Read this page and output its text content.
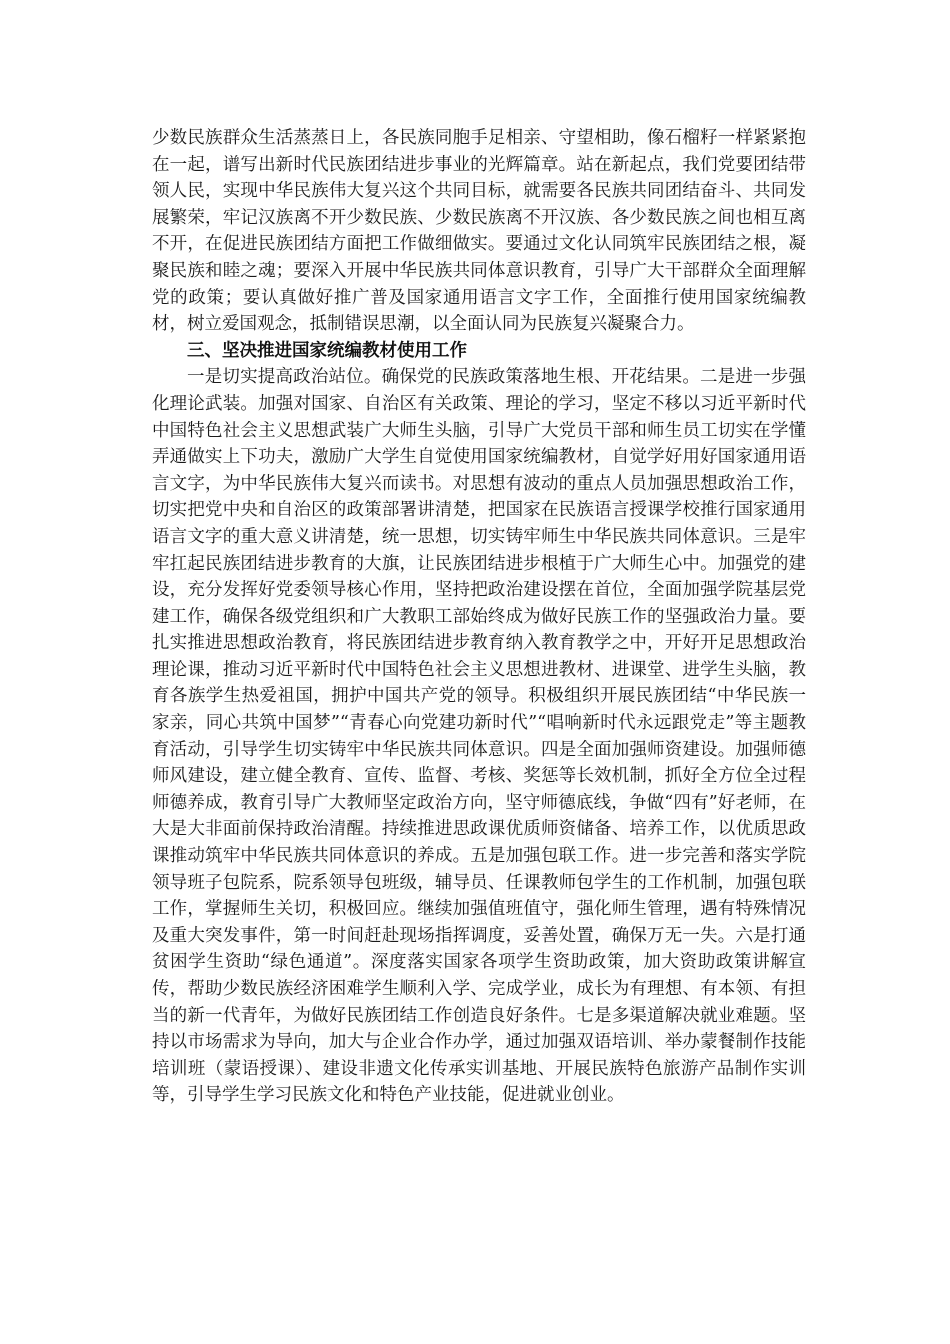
少数民族群众生活蒸蒸日上，各民族同胞手足相亲、守望相助，像石榴籽一样紧紧抱在一起，谱写出新时代民族团结进步事业的光辉篇章。站在新起点，我们党要团结带领人民，实现中华民族伟大复兴这个共同目标，就需要各民族共同团结奋斗、共同发展繁荣，牢记汉族离不开少数民族、少数民族离不开汉族、各少数民族之间也相互离不开，在促进民族团结方面把工作做细做实。要通过文化认同筑牢民族团结之根，凝聚民族和睦之魂；要深入开展中华民族共同体意识教育，引导广大干部群众全面理解党的政策；要认真做好推广普及国家通用语言文字工作，全面推行使用国家统编教材，树立爱国观念，抵制错误思潮，以全面认同为民族复兴凝聚合力。

三、坚决推进国家统编教材使用工作

一是切实提高政治站位。确保党的民族政策落地生根、开花结果。二是进一步强化理论武装。加强对国家、自治区有关政策、理论的学习，坚定不移以习近平新时代中国特色社会主义思想武装广大师生头脑，引导广大党员干部和师生员工切实在学懂弄通做实上下功夫，激励广大学生自觉使用国家统编教材，自觉学好用好国家通用语言文字，为中华民族伟大复兴而读书。对思想有波动的重点人员加强思想政治工作，切实把党中央和自治区的政策部署讲清楚，把国家在民族语言授课学校推行国家通用语言文字的重大意义讲清楚，统一思想，切实铸牢师生中华民族共同体意识。三是牢牢扛起民族团结进步教育的大旗，让民族团结进步根植于广大师生心中。加强党的建设，充分发挥好党委领导核心作用，坚持把政治建设摆在首位，全面加强学院基层党建工作，确保各级党组织和广大教职工部始终成为做好民族工作的坚强政治力量。要扎实推进思想政治教育，将民族团结进步教育纳入教育教学之中，开好开足思想政治理论课，推动习近平新时代中国特色社会主义思想进教材、进课堂、进学生头脑，教育各族学生热爱祖国，拥护中国共产党的领导。积极组织开展民族团结“中华民族一家亲，同心共筑中国梦”“青春心向党建功新时代”“唱响新时代永远跟党走”等主题教育活动，引导学生切实铸牢中华民族共同体意识。四是全面加强师资建设。加强师德师风建设，建立健全教育、宣传、监督、考核、奖惩等长效机制，抓好全方位全过程师德养成，教育引导广大教师坚定政治方向，坚守师德底线，争做“四有”好老师，在大是大非面前保持政治清醒。持续推进思政课优质师资储备、培养工作，以优质思政课推动筑牢中华民族共同体意识的养成。五是加强包联工作。进一步完善和落实学院领导班子包院系，院系领导包班级，辅导员、任课教师包学生的工作机制，加强包联工作，掌握师生关切，积极回应。继续加强值班值守，强化师生管理，遇有特殊情况及重大突发事件，第一时间赶赴现场指挥调度，妥善处置，确保万无一失。六是打通贫困学生资助“绿色通道”。深度落实国家各项学生资助政策，加大资助政策讲解宣传，帮助少数民族经济困难学生顺利入学、完成学业，成长为有理想、有本领、有担当的新一代青年，为做好民族团结工作创造良好条件。七是多渠道解决就业难题。坚持以市场需求为导向，加大与企业合作办学，通过加强双语培训、举办蒙餐制作技能培训班（蒙语授课）、建设非遗文化传承实训基地、开展民族特色旅游产品制作实训等，引导学生学习民族文化和特色产业技能，促进就业创业。
